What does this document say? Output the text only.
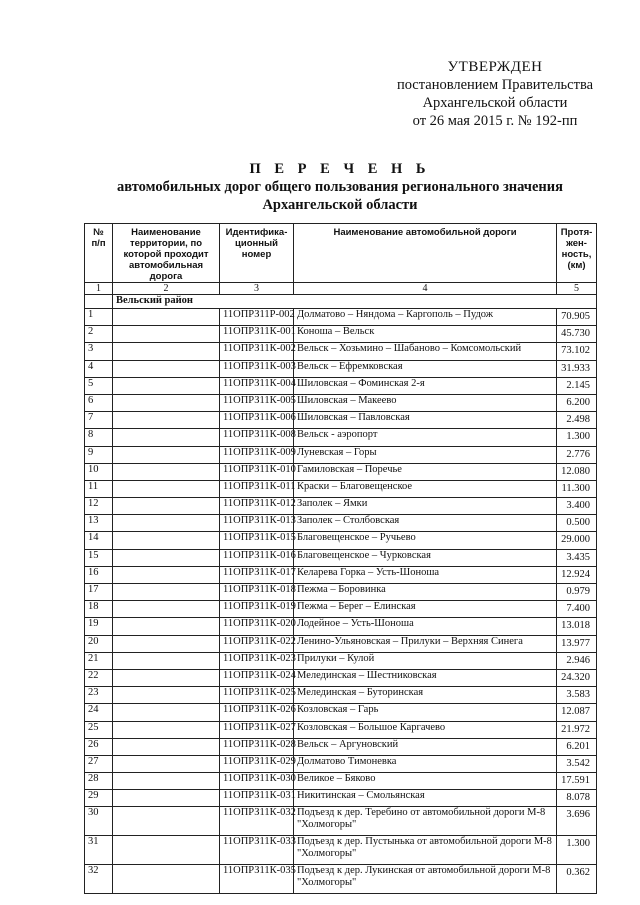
УТВЕРЖДЕН
постановлением Правительства
Архангельской области
от 26 мая 2015 г. № 192-пп
П Е Р Е Ч Е Н Ь
автомобильных дорог общего пользования регионального значения
Архангельской области
№ п/п	Наименование территории, по которой проходит автомобильная дорога	Идентифика-ционный номер	Наименование автомобильной дороги	Протя-жен-ность, (км)
1	2	3	4	5
	Вельский район			
1		11ОПРЗ11Р-002	Долматово – Няндома – Каргополь – Пудож	70.905
2		11ОПРЗ11К-001	Коноша – Вельск	45.730
3		11ОПРЗ11К-002	Вельск – Хозьмино – Шабаново – Комсомольский	73.102
4		11ОПРЗ11К-003	Вельск – Ефремковская	31.933
5		11ОПРЗ11К-004	Шиловская – Фоминская 2-я	2.145
6		11ОПРЗ11К-005	Шиловская – Макеево	6.200
7		11ОПРЗ11К-006	Шиловская – Павловская	2.498
8		11ОПРЗ11К-008	Вельск - аэропорт	1.300
9		11ОПРЗ11К-009	Луневская – Горы	2.776
10		11ОПРЗ11К-010	Гамиловская – Поречье	12.080
11		11ОПРЗ11К-011	Краски – Благовещенское	11.300
12		11ОПРЗ11К-012	Заполек – Ямки	3.400
13		11ОПРЗ11К-013	Заполек – Столбовская	0.500
14		11ОПРЗ11К-015	Благовещенское – Ручьево	29.000
15		11ОПРЗ11К-016	Благовещенское – Чурковская	3.435
16		11ОПРЗ11К-017	Келарева Горка – Усть-Шоноша	12.924
17		11ОПРЗ11К-018	Пежма – Боровинка	0.979
18		11ОПРЗ11К-019	Пежма – Берег – Елинская	7.400
19		11ОПРЗ11К-020	Лодейное – Усть-Шоноша	13.018
20		11ОПРЗ11К-022	Ленино-Ульяновская – Прилуки – Верхняя Синега	13.977
21		11ОПРЗ11К-023	Прилуки – Кулой	2.946
22		11ОПРЗ11К-024	Мелединская – Шестниковская	24.320
23		11ОПРЗ11К-025	Мелединская – Буторинская	3.583
24		11ОПРЗ11К-026	Козловская – Гарь	12.087
25		11ОПРЗ11К-027	Козловская – Большое Каргачево	21.972
26		11ОПРЗ11К-028	Вельск – Аргуновский	6.201
27		11ОПРЗ11К-029	Долматово Тимоневка	3.542
28		11ОПРЗ11К-030	Великое – Бяково	17.591
29		11ОПРЗ11К-031	Никитинская – Смольянская	8.078
30		11ОПРЗ11К-032	Подъезд к дер. Теребино от автомобильной дороги М-8 "Холмогоры"	3.696
31		11ОПРЗ11К-033	Подъезд к дер. Пустынька от автомобильной дороги М-8 "Холмогоры"	1.300
32		11ОПРЗ11К-035	Подъезд к дер. Лукинская от автомобильной дороги М-8 "Холмогоры"	0.362
